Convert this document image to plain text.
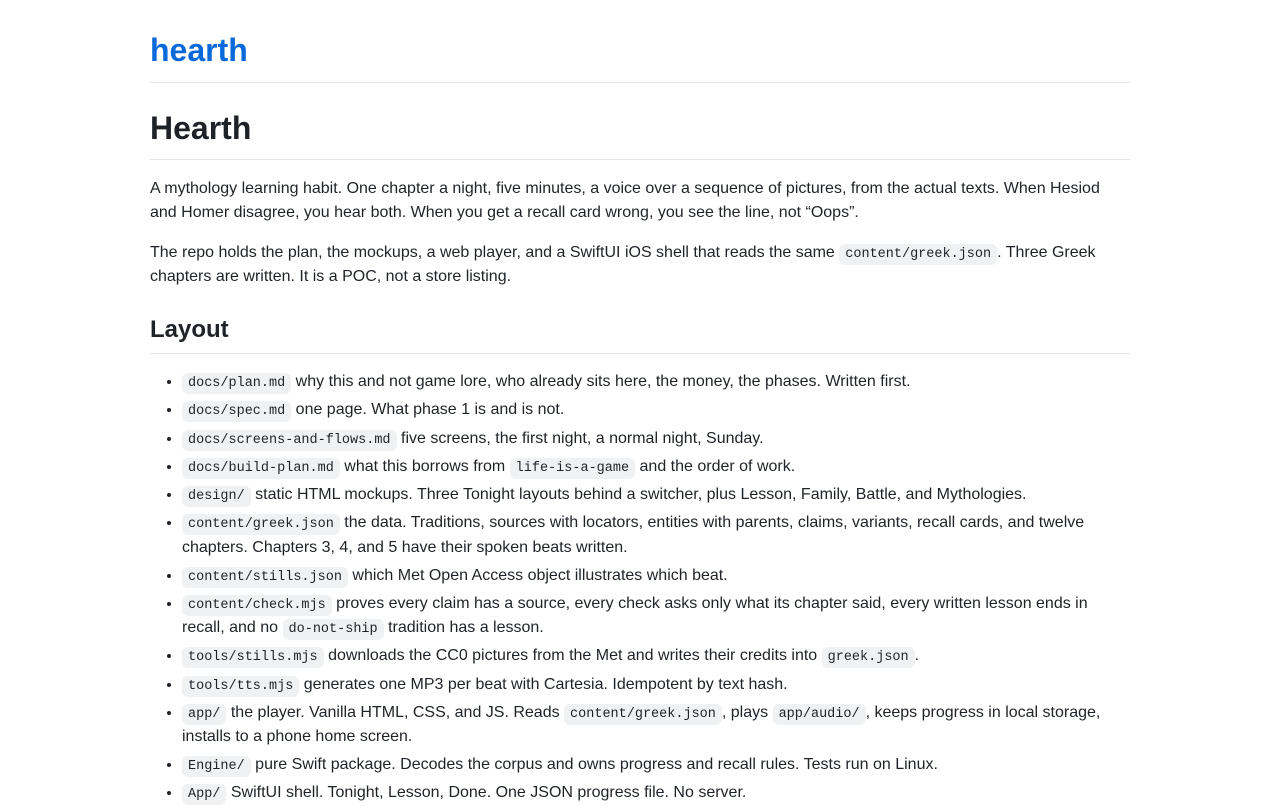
hearth
Hearth

A mythology learning habit. One chapter a night, five minutes, a voice over a sequence of pictures, from the actual texts. When Hesiod and Homer disagree, you hear both. When you get a recall card wrong, you see the line, not “Oops”.

The repo holds the plan, the mockups, a web player, and a SwiftUI iOS shell that reads the same content/greek.json . Three Greek chapters are written. It is a POC, not a store listing.

Layout
• docs/plan.md why this and not game lore, who already sits here, the money, the phases. Written first.
• docs/spec.md one page. What phase 1 is and is not.
• docs/screens-and-flows.md five screens, the first night, a normal night, Sunday.
• docs/build-plan.md what this borrows from life-is-a-game and the order of work.
• design/ static HTML mockups. Three Tonight layouts behind a switcher, plus Lesson, Family, Battle, and Mythologies.
• content/greek.json the data. Traditions, sources with locators, entities with parents, claims, variants, recall cards, and twelve chapters. Chapters 3, 4, and 5 have their spoken beats written.
• content/stills.json which Met Open Access object illustrates which beat.
• content/check.mjs proves every claim has a source, every check asks only what its chapter said, every written lesson ends in recall, and no do-not-ship tradition has a lesson.
• tools/stills.mjs downloads the CC0 pictures from the Met and writes their credits into greek.json .
• tools/tts.mjs generates one MP3 per beat with Cartesia. Idempotent by text hash.
• app/ the player. Vanilla HTML, CSS, and JS. Reads content/greek.json , plays app/audio/ , keeps progress in local storage, installs to a phone home screen.
• Engine/ pure Swift package. Decodes the corpus and owns progress and recall rules. Tests run on Linux.
• App/ SwiftUI shell. Tonight, Lesson, Done. One JSON progress file. No server.
